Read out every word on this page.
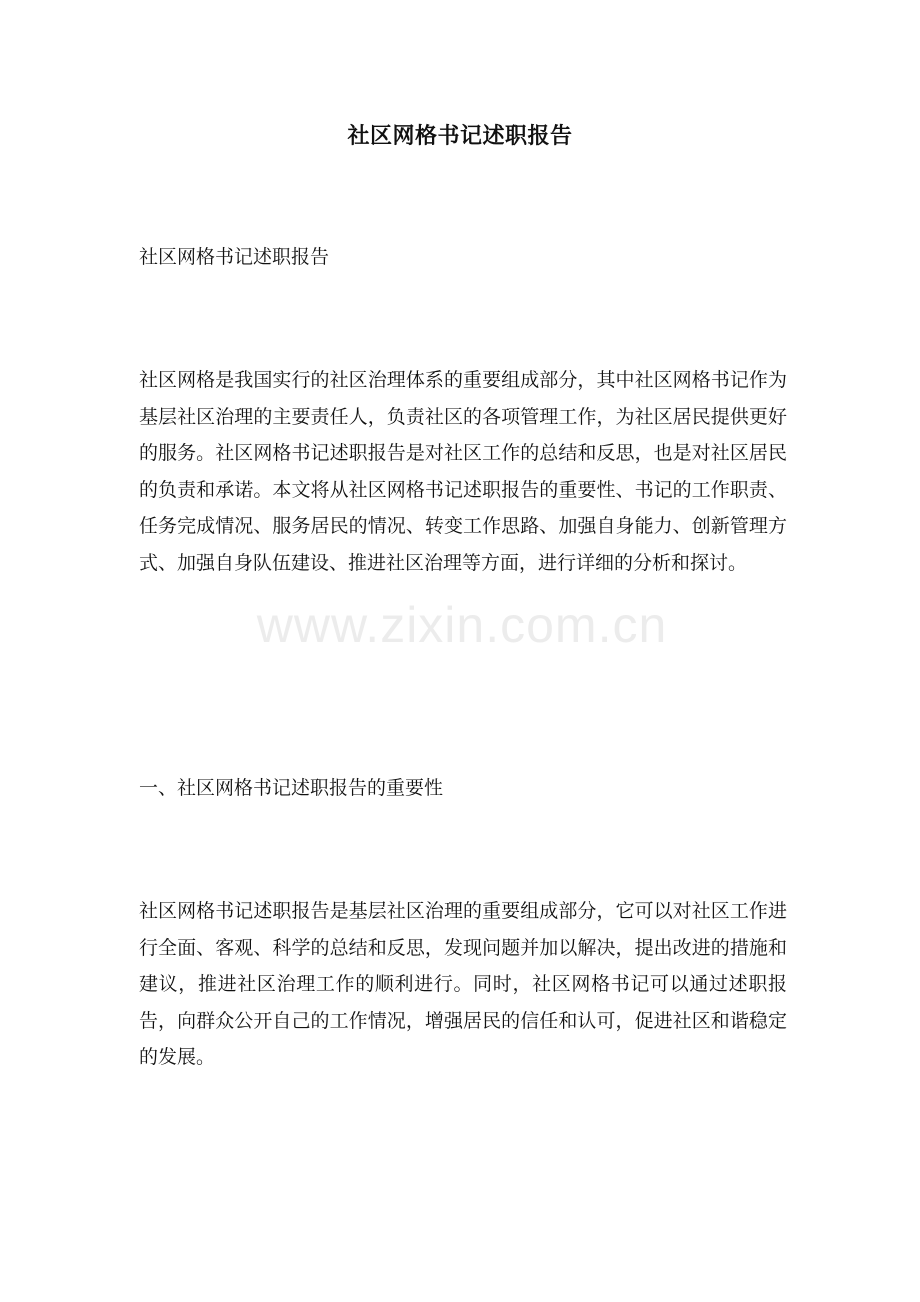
社区网格书记述职报告
社区网格书记述职报告
社区网格是我国实行的社区治理体系的重要组成部分，其中社区网格书记作为基层社区治理的主要责任人，负责社区的各项管理工作，为社区居民提供更好的服务。社区网格书记述职报告是对社区工作的总结和反思，也是对社区居民的负责和承诺。本文将从社区网格书记述职报告的重要性、书记的工作职责、任务完成情况、服务居民的情况、转变工作思路、加强自身能力、创新管理方式、加强自身队伍建设、推进社区治理等方面，进行详细的分析和探讨。
一、社区网格书记述职报告的重要性
社区网格书记述职报告是基层社区治理的重要组成部分，它可以对社区工作进行全面、客观、科学的总结和反思，发现问题并加以解决，提出改进的措施和建议，推进社区治理工作的顺利进行。同时，社区网格书记可以通过述职报告，向群众公开自己的工作情况，增强居民的信任和认可，促进社区和谐稳定的发展。
www.zixin.com.cn
